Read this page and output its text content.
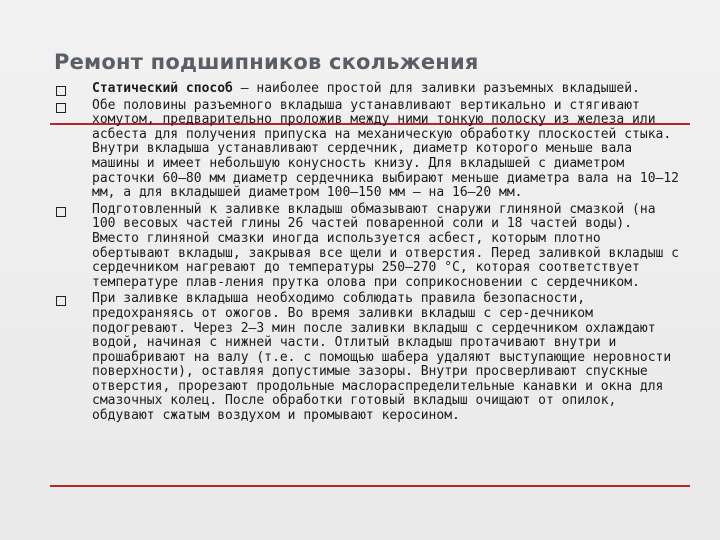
Ремонт подшипников скольжения
Статический способ — наиболее простой для заливки разъемных вкладышей.
Обе половины разъемного вкладыша устанавливают вертикально и стягивают хомутом, предварительно проложив между ними тонкую полоску из железа или асбеста для получения припуска на механическую обработку плоскостей стыка. Внутри вкладыша устанавливают сердечник, диаметр которого меньше вала машины и имеет небольшую конусность книзу. Для вкладышей с диаметром расточки 60—80 мм диаметр сердечника выбирают меньше диаметра вала на 10—12 мм, а для вкладышей диаметром 100—150 мм — на 16—20 мм.
Подготовленный к заливке вкладыш обмазывают снаружи глиняной смазкой (на 100 весовых частей глины 26 частей поваренной соли и 18 частей воды). Вместо глиняной смазки иногда используется асбест, которым плотно обертывают вкладыш, закрывая все щели и отверстия. Перед заливкой вкладыш с сердечником нагревают до температуры 250—270 °С, которая соответствует температуре плав-ления прутка олова при соприкосновении с сердечником.
При заливке вкладыша необходимо соблюдать правила безопасности, предохраняясь от ожогов. Во время заливки вкладыш с сер-дечником подогревают. Через 2—3 мин после заливки вкладыш с сердечником охлаждают водой, начиная с нижней части. Отлитый вкладыш протачивают внутри и прошабривают на валу (т.е. с помощью шабера удаляют выступающие неровности поверхности), оставляя допустимые зазоры. Внутри просверливают спускные отверстия, прорезают продольные маслораспределительные канавки и окна для смазочных колец. После обработки готовый вкладыш очищают от опилок, обдувают сжатым воздухом и промывают керосином.
